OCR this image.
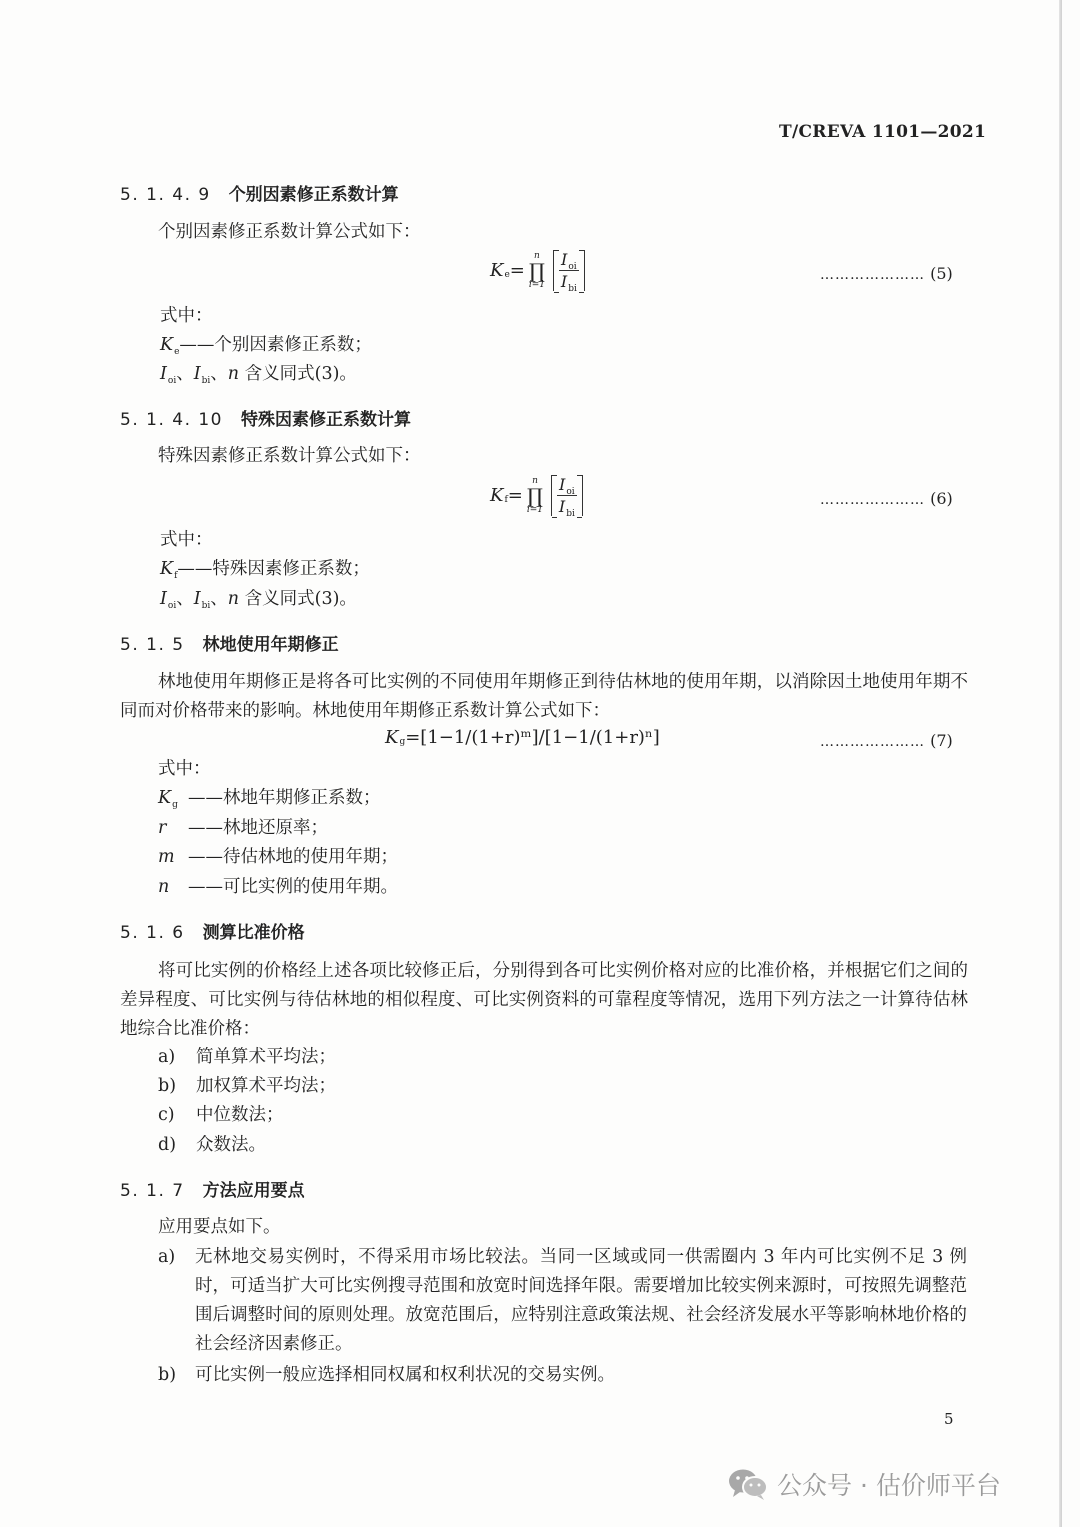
T/CREVA 1101—2021
5. 1. 4. 9 个别因素修正系数计算
个别因素修正系数计算公式如下：
K e =
n
∏
$i=1 \frac{I_{oi}}{I_{bi}}$	………………… (5)
式中：
$K_e——$个别因素修正系数；
$I_{oi}$、$I_{bi}$、n 含义同式(3)。
5. 1. 4. 10 特殊因素修正系数计算
特殊因素修正系数计算公式如下：
K f =
n
∏
$i=1 \frac{I_{oi}}{I_{bi}}$	………………… (6)
式中：
$K_f——$特殊因素修正系数；
$I_{oi}$、$I_{bi}$、n 含义同式(3)。
5. 1. 5 林地使用年期修正
林地使用年期修正是将各可比实例的不同使用年期修正到待估林地的使用年期，以消除因土地使用年期不同而对价格带来的影响。林地使用年期修正系数计算公式如下：
K g =[1−1/(1+r)ᵐ]/[1−1/(1+r)ⁿ]	………………… (7)
式中：
$K_g$ ——林地年期修正系数；
r ——林地还原率；
m ——待估林地的使用年期；
n ——可比实例的使用年期。
5. 1. 6 测算比准价格
将可比实例的价格经上述各项比较修正后，分别得到各可比实例价格对应的比准价格，并根据它们之间的差异程度、可比实例与待估林地的相似程度、可比实例资料的可靠程度等情况，选用下列方法之一计算待估林地综合比准价格：
a) 简单算术平均法；
b) 加权算术平均法；
c) 中位数法；
d) 众数法。
5. 1. 7 方法应用要点
应用要点如下。
a) 无林地交易实例时，不得采用市场比较法。当同一区域或同一供需圈内 3 年内可比实例不足 3 例时，可适当扩大可比实例搜寻范围和放宽时间选择年限。需要增加比较实例来源时，可按照先调整范围后调整时间的原则处理。放宽范围后，应特别注意政策法规、社会经济发展水平等影响林地价格的社会经济因素修正。
b) 可比实例一般应选择相同权属和权利状况的交易实例。
5
公众号 · 估价师平台
